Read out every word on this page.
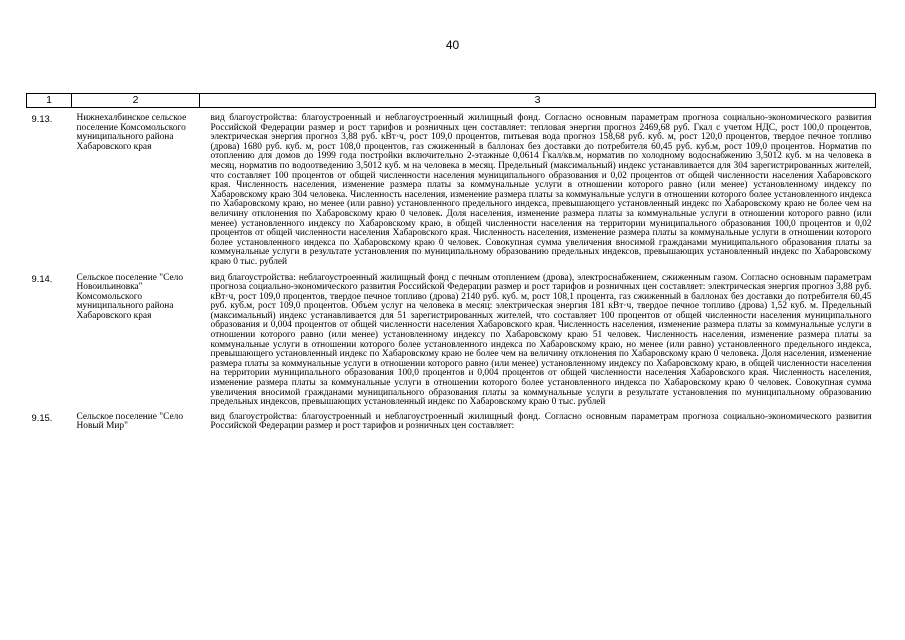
40
1	2	3
9.13.	Нижнехалбинское сельское поселение Комсомольского муниципального района Хабаровского края	вид благоустройства: благоустроенный и неблагоустроенный жилищный фонд. Согласно основным параметрам прогноза социально-экономического развития Российской Федерации размер и рост тарифов и розничных цен составляет: тепловая энергия прогноз 2469,68 руб. Гкал с учетом НДС, рост 100,0 процентов, электрическая энергия прогноз 3,88 руб. кВт·ч, рост 109,0 процентов, питьевая вода прогноз 158,68 руб. куб. м, рост 120,0 процентов, твердое печное топливо (дрова) 1680 руб. куб. м, рост 108,0 процентов, газ сжиженный в баллонах без доставки до потребителя 60,45 руб. куб.м, рост 109,0 процентов. Норматив по отоплению для домов до 1999 года постройки включительно 2-этажные 0,0614 Гкал/кв.м, норматив по холодному водоснабжению 3,5012 куб. м на человека в месяц, норматив по водоотведению 3,5012 куб. м на человека в месяц. Предельный (максимальный) индекс устанавливается для 304 зарегистрированных жителей, что составляет 100 процентов от общей численности населения муниципального образования и 0,02 процентов от общей численности населения Хабаровского края. Численность населения, изменение размера платы за коммунальные услуги в отношении которого равно (или менее) установленному индексу по Хабаровскому краю 304 человека. Численность населения, изменение размера платы за коммунальные услуги в отношении которого более установленного индекса по Хабаровскому краю, но менее (или равно) установленного предельного индекса, превышающего установленный индекс по Хабаровскому краю не более чем на величину отклонения по Хабаровскому краю 0 человек. Доля населения, изменение размера платы за коммунальные услуги в отношении которого равно (или менее) установленного индексу по Хабаровскому краю, в общей численности населения на территории муниципального образования 100,0 процентов и 0,02 процентов от общей численности населения Хабаровского края. Численность населения, изменение размера платы за коммунальные услуги в отношении которого более установленного индекса по Хабаровскому краю 0 человек. Совокупная сумма увеличения вносимой гражданами муниципального образования платы за коммунальные услуги в результате установления по муниципальному образованию предельных индексов, превышающих установленный индекс по Хабаровскому краю 0 тыс. рублей
9.14.	Сельское поселение "Село Новоильиновка" Комсомольского муниципального района Хабаровского края	вид благоустройства: неблагоустроенный жилищный фонд с печным отоплением (дрова), электроснабжением, сжиженным газом. Согласно основным параметрам прогноза социально-экономического развития Российской Федерации размер и рост тарифов и розничных цен составляет: электрическая энергия прогноз 3,88 руб. кВт·ч, рост 109,0 процентов, твердое печное топливо (дрова) 2140 руб. куб. м, рост 108,1 процента, газ сжиженный в баллонах без доставки до потребителя 60,45 руб. куб.м, рост 109,0 процентов. Объем услуг на человека в месяц: электрическая энергия 181 кВт·ч, твердое печное топливо (дрова) 1,52 куб. м. Предельный (максимальный) индекс устанавливается для 51 зарегистрированных жителей, что составляет 100 процентов от общей численности населения муниципального образования и 0,004 процентов от общей численности населения Хабаровского края. Численность населения, изменение размера платы за коммунальные услуги в отношении которого равно (или менее) установленному индексу по Хабаровскому краю 51 человек. Численность населения, изменение размера платы за коммунальные услуги в отношении которого более установленного индекса по Хабаровскому краю, но менее (или равно) установленного предельного индекса, превышающего установленный индекс по Хабаровскому краю не более чем на величину отклонения по Хабаровскому краю 0 человека. Доля населения, изменение размера платы за коммунальные услуги в отношении которого равно (или менее) установленному индексу по Хабаровскому краю, в общей численности населения на территории муниципального образования 100,0 процентов и 0,004 процентов от общей численности населения Хабаровского края. Численность населения, изменение размера платы за коммунальные услуги в отношении которого более установленного индекса по Хабаровскому краю 0 человек. Совокупная сумма увеличения вносимой гражданами муниципального образования платы за коммунальные услуги в результате установления по муниципальному образованию предельных индексов, превышающих установленный индекс по Хабаровскому краю 0 тыс. рублей
9.15.	Сельское поселение "Село Новый Мир"	вид благоустройства: благоустроенный и неблагоустроенный жилищный фонд. Согласно основным параметрам прогноза социально-экономического развития Российской Федерации размер и рост тарифов и розничных цен составляет:
